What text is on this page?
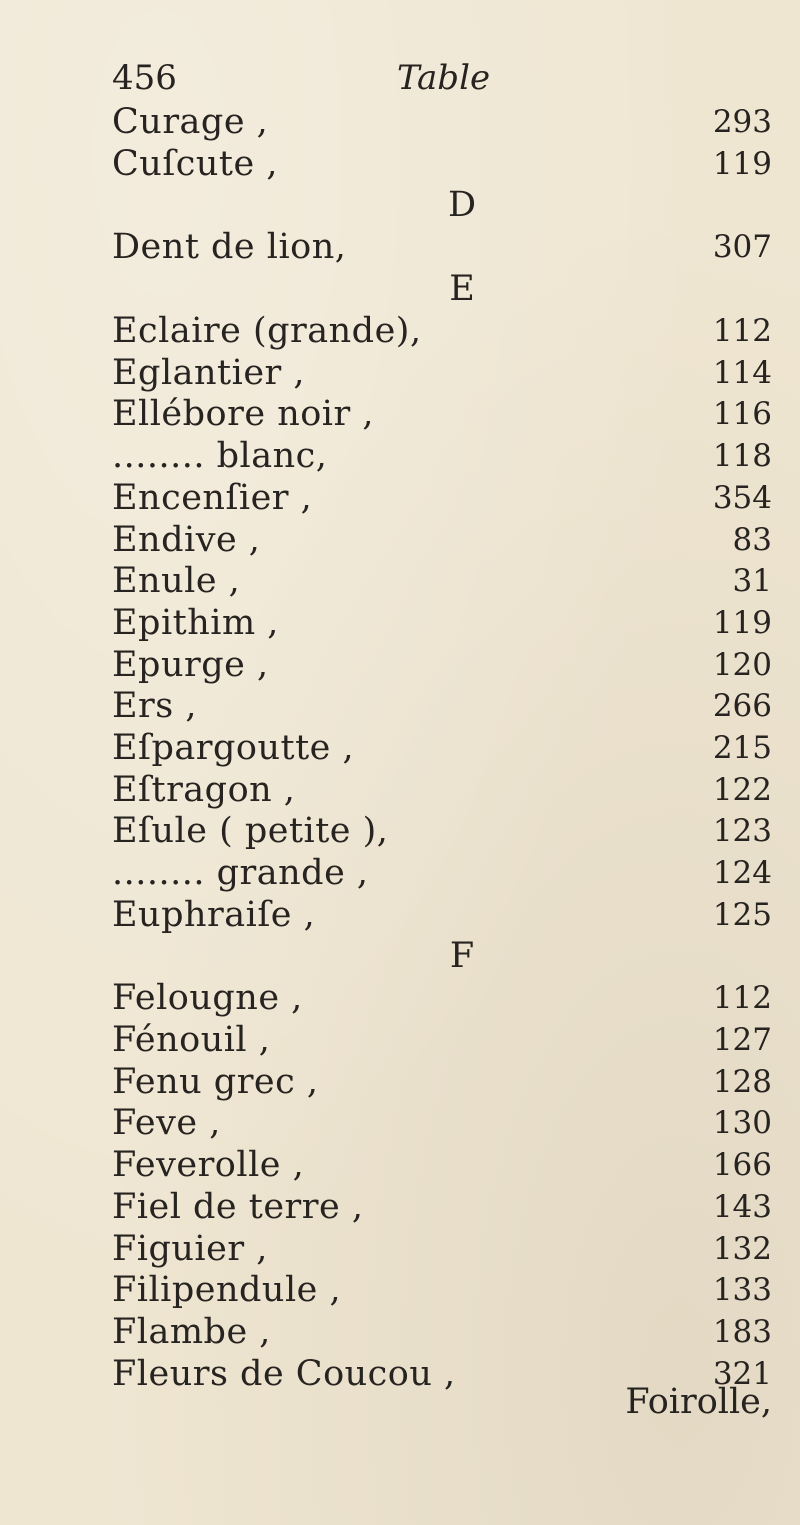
456	Table
Curage ,	293
Cuſcute ,	119
D
Dent de lion,	307
E
Eclaire (grande),	112
Eglantier ,	114
Ellébore noir ,	116
........ blanc,	118
Encenſier ,	354
Endive ,	83
Enule ,	31
Epithim ,	119
Epurge ,	120
Ers ,	266
Eſpargoutte ,	215
Eſtragon ,	122
Eſule ( petite ),	123
........ grande ,	124
Euphraiſe ,	125
F
Felougne ,	112
Fénouil ,	127
Fenu grec ,	128
Feve ,	130
Feverolle ,	166
Fiel de terre ,	143
Figuier ,	132
Filipendule ,	133
Flambe ,	183
Fleurs de Coucou ,	321
Foirolle,
